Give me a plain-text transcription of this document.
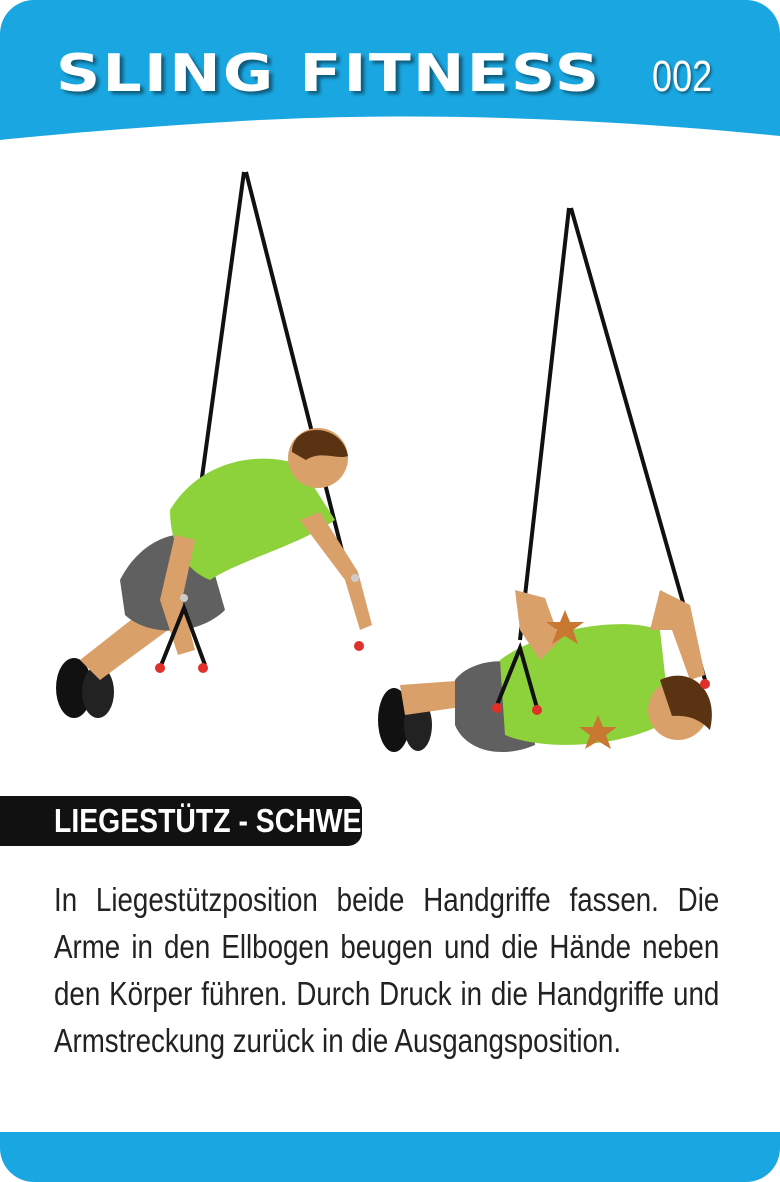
SLING FITNESS 002
LIEGESTÜTZ - SCHWER
In Liegestützposition beide Handgriffe fassen. Die Arme in den Ellbogen beugen und die Hände neben den Körper führen. Durch Druck in die Handgriffe und Armstreckung zurück in die Ausgangsposition.
